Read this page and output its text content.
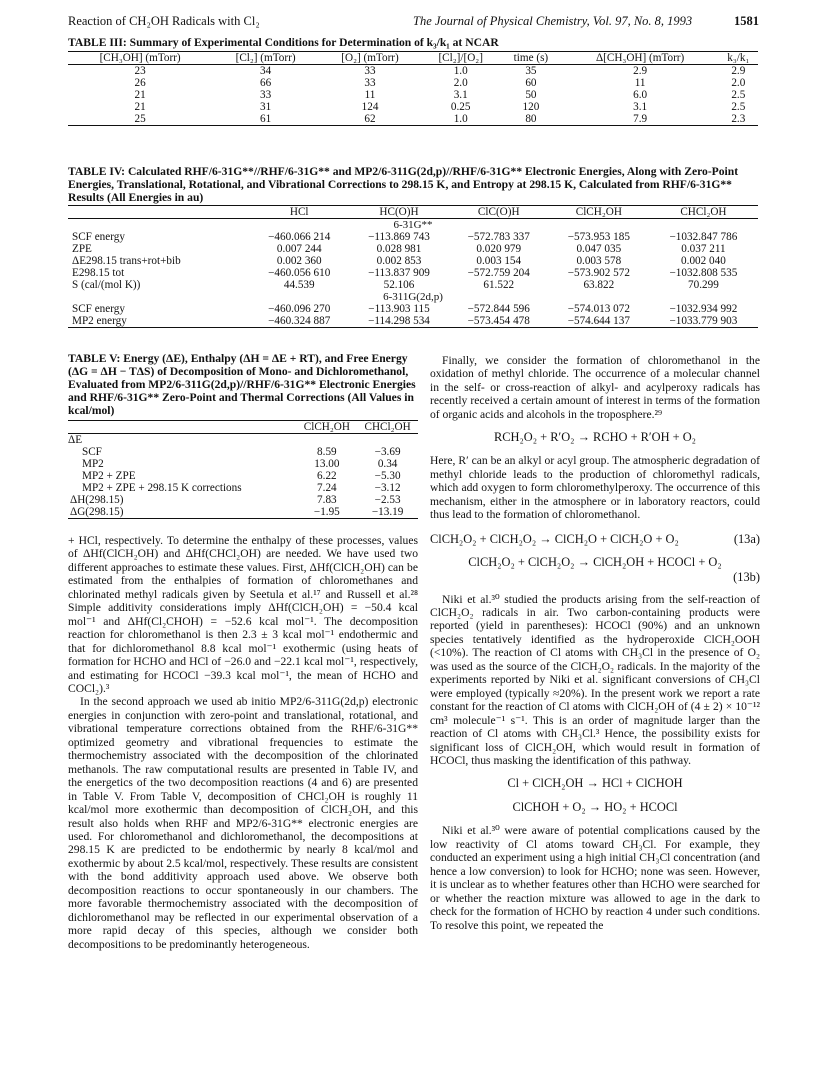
Reaction of CH₂OH Radicals with Cl₂	The Journal of Physical Chemistry, Vol. 97, No. 8, 1993	1581
TABLE III: Summary of Experimental Conditions for Determination of k₃/k₁ at NCAR
[CH₃OH] (mTorr)	[Cl₂] (mTorr)	[O₂] (mTorr)	[Cl₂]/[O₂]	time (s)	Δ[CH₃OH] (mTorr)	k₃/k₁
23	34	33	1.0	35	2.9	2.9
26	66	33	2.0	60	11	2.0
21	33	11	3.1	50	6.0	2.5
21	31	124	0.25	120	3.1	2.5
25	61	62	1.0	80	7.9	2.3
TABLE IV: Calculated RHF/6-31G**//RHF/6-31G** and MP2/6-311G(2d,p)//RHF/6-31G** Electronic Energies, Along with Zero-Point Energies, Translational, Rotational, and Vibrational Corrections to 298.15 K, and Entropy at 298.15 K, Calculated from RHF/6-31G** Results (All Energies in au)
	HCl	HC(O)H	ClC(O)H	ClCH₂OH	CHCl₂OH
6-31G**					
SCF energy	−460.066 214	−113.869 743	−572.783 337	−573.953 185	−1032.847 786
ZPE	0.007 244	0.028 981	0.020 979	0.047 035	0.037 211
ΔE298.15 trans+rot+bib	0.002 360	0.002 853	0.003 154	0.003 578	0.002 040
E298.15 tot	−460.056 610	−113.837 909	−572.759 204	−573.902 572	−1032.808 535
S (cal/(mol K))	44.539	52.106	61.522	63.822	70.299
6-311G(2d,p)					
SCF energy	−460.096 270	−113.903 115	−572.844 596	−574.013 072	−1032.934 992
MP2 energy	−460.324 887	−114.298 534	−573.454 478	−574.644 137	−1033.779 903
TABLE V: Energy (ΔE), Enthalpy (ΔH = ΔE + RT), and Free Energy (ΔG = ΔH − TΔS) of Decomposition of Mono- and Dichloromethanol, Evaluated from MP2/6-311G(2d,p)//RHF/6-31G** Electronic Energies and RHF/6-31G** Zero-Point and Thermal Corrections (All Values in kcal/mol)
	ClCH₂OH	CHCl₂OH
ΔE		
SCF	8.59	−3.69
MP2	13.00	0.34
MP2 + ZPE	6.22	−5.30
MP2 + ZPE + 298.15 K corrections	7.24	−3.12
ΔH(298.15)	7.83	−2.53
ΔG(298.15)	−1.95	−13.19

+ HCl, respectively. To determine the enthalpy of these processes, values of ΔHf(ClCH₂OH) and ΔHf(CHCl₂OH) are needed. We have used two different approaches to estimate these values. First, ΔHf(ClCH₂OH) can be estimated from the enthalpies of formation of chloromethanes and chlorinated methyl radicals given by Seetula et al.¹⁷ and Russell et al.²⁸ Simple additivity considerations imply ΔHf(ClCH₂OH) = −50.4 kcal mol⁻¹ and ΔHf(Cl₂CHOH) = −52.6 kcal mol⁻¹. The decomposition reaction for chloromethanol is then 2.3 ± 3 kcal mol⁻¹ endothermic and that for dichloromethanol 8.8 kcal mol⁻¹ exothermic (using heats of formation for HCHO and HCl of −26.0 and −22.1 kcal mol⁻¹, respectively, and estimating for HCOCl −39.3 kcal mol⁻¹, the mean of HCHO and COCl₂).³

In the second approach we used ab initio MP2/6-311G(2d,p) electronic energies in conjunction with zero-point and translational, rotational, and vibrational temperature corrections obtained from the RHF/6-31G** optimized geometry and vibrational frequencies to estimate the thermochemistry associated with the decomposition of the chlorinated methanols. The raw computational results are presented in Table IV, and the energetics of the two decomposition reactions (4 and 6) are presented in Table V. From Table V, decomposition of CHCl₂OH is roughly 11 kcal/mol more exothermic than decomposition of ClCH₂OH, and this result also holds when RHF and MP2/6-31G** electronic energies are used. For chloromethanol and dichloromethanol, the decompositions at 298.15 K are predicted to be endothermic by nearly 8 kcal/mol and exothermic by about 2.5 kcal/mol, respectively. These results are consistent with the bond additivity approach used above. We observe both decomposition reactions to occur spontaneously in our chambers. The more favorable thermochemistry associated with the decomposition of dichloromethanol may be reflected in our experimental observation of a more rapid decay of this species, although we consider both decompositions to be predominantly heterogeneous.

Finally, we consider the formation of chloromethanol in the oxidation of methyl chloride. The occurrence of a molecular channel in the self- or cross-reaction of alkyl- and acylperoxy radicals has recently received a certain amount of interest in terms of the formation of organic acids and alcohols in the troposphere.²⁹

RCH₂O₂ + R′O₂ → RCHO + R′OH + O₂

Here, R′ can be an alkyl or acyl group. The atmospheric degradation of methyl chloride leads to the production of chloromethyl radicals, which add oxygen to form chloromethylperoxy. The occurrence of this mechanism, either in the atmosphere or in laboratory reactors, could thus lead to the formation of chloromethanol.

ClCH₂O₂ + ClCH₂O₂ → ClCH₂O + ClCH₂O + O₂	(13a)
ClCH₂O₂ + ClCH₂O₂ → ClCH₂OH + HCOCl + O₂
(13b)

Niki et al.³⁰ studied the products arising from the self-reaction of ClCH₂O₂ radicals in air. Two carbon-containing products were reported (yield in parentheses): HCOCl (90%) and an unknown species tentatively identified as the hydroperoxide ClCH₂OOH (<10%). The reaction of Cl atoms with CH₃Cl in the presence of O₂ was used as the source of the ClCH₂O₂ radicals. In the majority of the experiments reported by Niki et al. significant conversions of CH₃Cl were employed (typically ≈20%). In the present work we report a rate constant for the reaction of Cl atoms with ClCH₂OH of (4 ± 2) × 10⁻¹² cm³ molecule⁻¹ s⁻¹. This is an order of magnitude larger than the reaction of Cl atoms with CH₃Cl.³ Hence, the possibility exists for significant loss of ClCH₂OH, which would result in formation of HCOCl, thus masking the identification of this pathway.

Cl + ClCH₂OH → HCl + ClCHOH
ClCHOH + O₂ → HO₂ + HCOCl

Niki et al.³⁰ were aware of potential complications caused by the low reactivity of Cl atoms toward CH₃Cl. For example, they conducted an experiment using a high initial CH₃Cl concentration (and hence a low conversion) to look for HCHO; none was seen. However, it is unclear as to whether features other than HCHO were searched for or whether the reaction mixture was allowed to age in the dark to check for the formation of HCHO by reaction 4 under such conditions. To resolve this point, we repeated the
